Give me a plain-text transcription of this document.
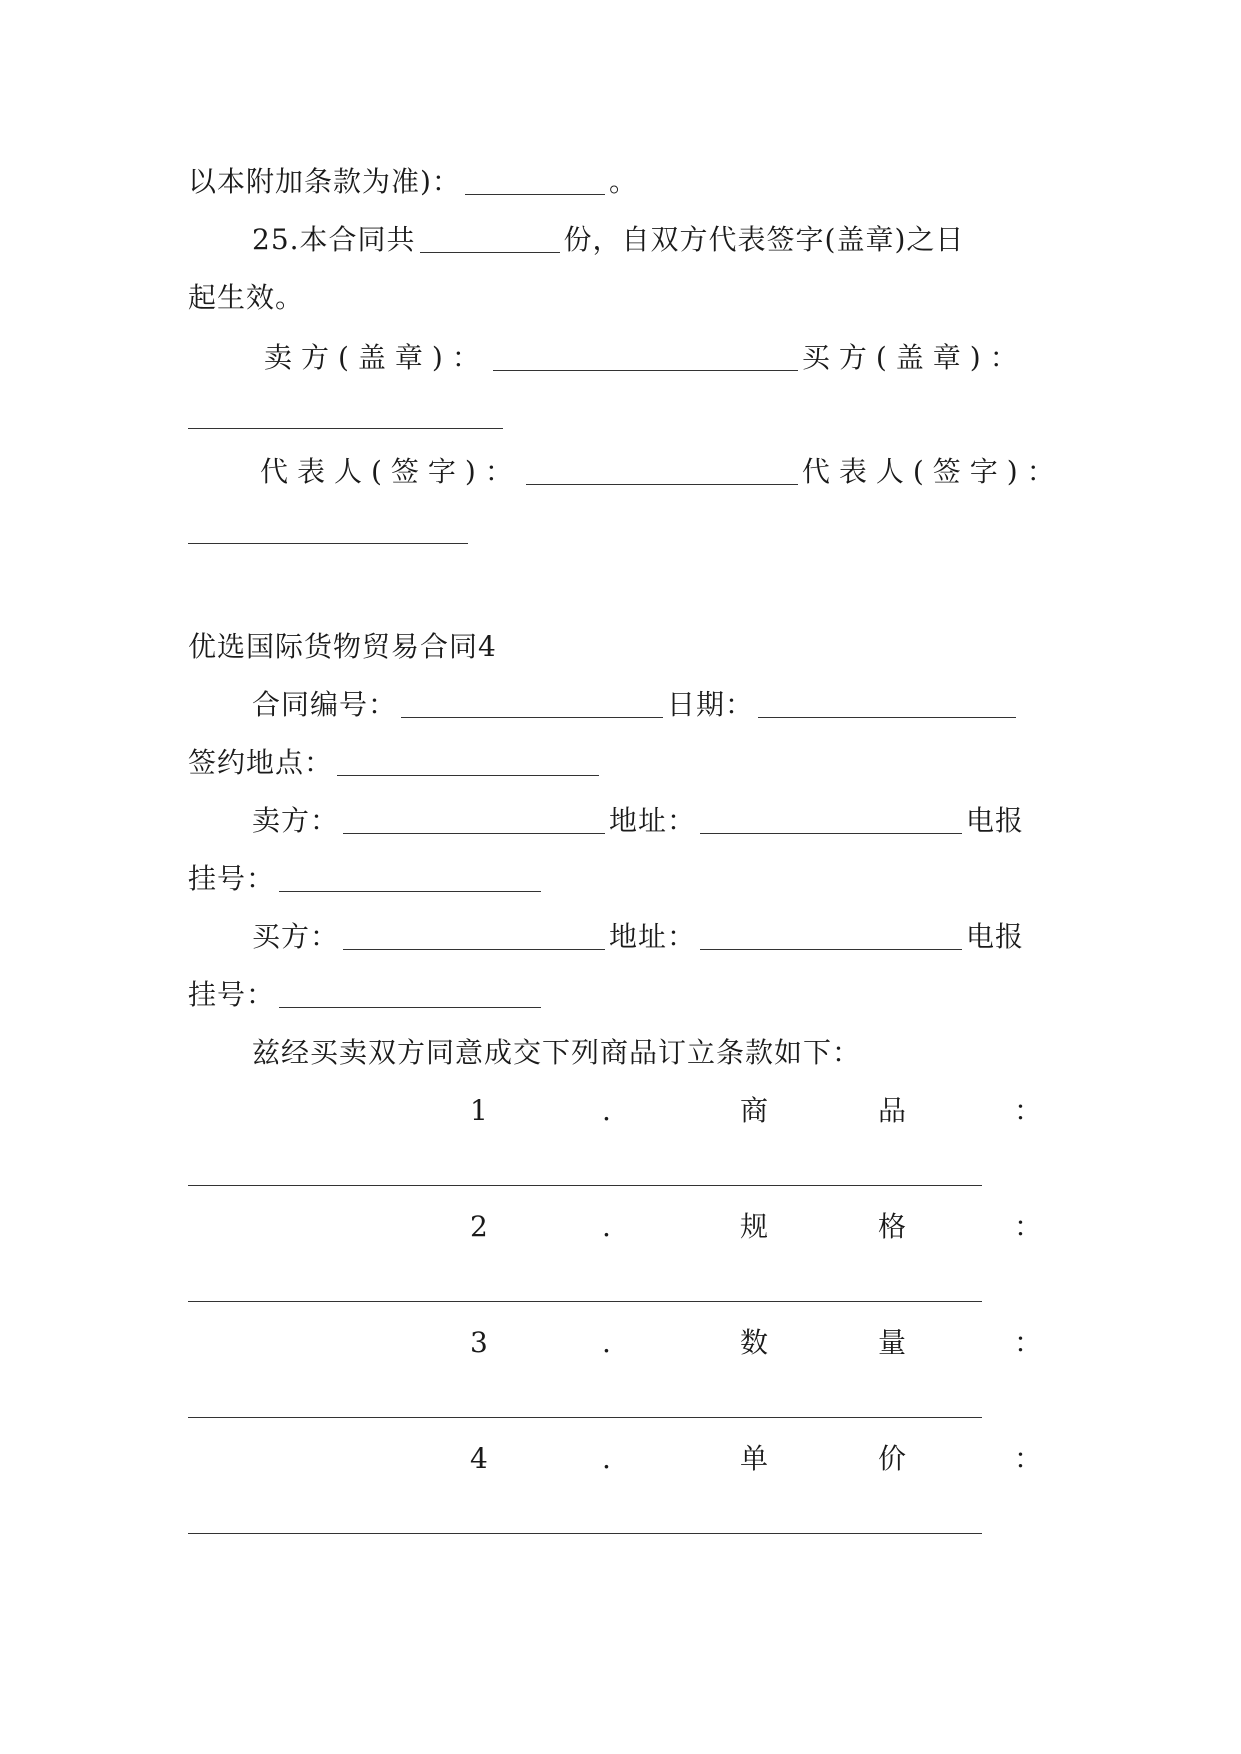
以本附加条款为准)：	。
25.本合同共	份，自双方代表签字(盖章)之日
起生效。
卖方(盖章)：	买方(盖章)：
代表人(签字)：	代表人(签字)：
优选国际货物贸易合同4
合同编号：	日期：
签约地点：
卖方：	地址：	电报
挂号：
买方：	地址：	电报
挂号：
兹经买卖双方同意成交下列商品订立条款如下：
1	.	商	品	：
2	.	规	格	：
3	.	数	量	：
4	.	单	价	：
